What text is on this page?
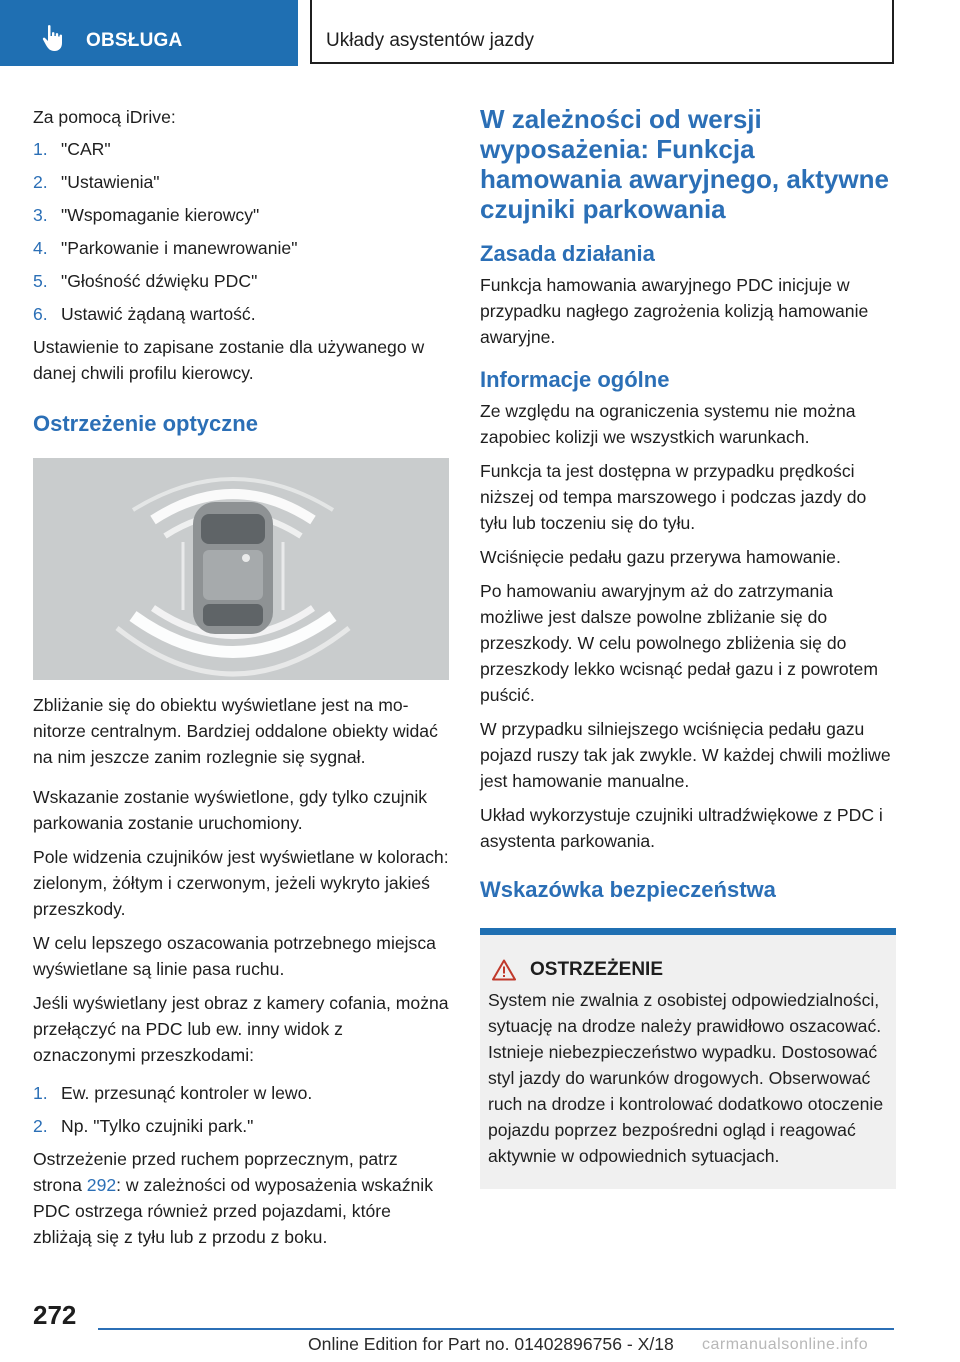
OBSŁUGA	Układy asystentów jazdy

Za pomocą iDrive:

1. "CAR"
2. "Ustawienia"
3. "Wspomaganie kierowcy"
4. "Parkowanie i manewrowanie"
5. "Głośność dźwięku PDC"
6. Ustawić żądaną wartość.

Ustawienie to zapisane zostanie dla używanego w danej chwili profilu kierowcy.

Ostrzeżenie optyczne

Zbliżanie się do obiektu wyświetlane jest na monitorze centralnym. Bardziej oddalone obiekty widać na nim jeszcze zanim rozlegnie się sygnał.

Wskazanie zostanie wyświetlone, gdy tylko czujnik parkowania zostanie uruchomiony.

Pole widzenia czujników jest wyświetlane w kolorach: zielonym, żółtym i czerwonym, jeżeli wykryto jakieś przeszkody.

W celu lepszego oszacowania potrzebnego miejsca wyświetlane są linie pasa ruchu.

Jeśli wyświetlany jest obraz z kamery cofania, można przełączyć na PDC lub ew. inny widok z oznaczonymi przeszkodami:

1. Ew. przesunąć kontroler w lewo.
2. Np. "Tylko czujniki park."

Ostrzeżenie przed ruchem poprzecznym, patrz strona 292: w zależności od wyposażenia wskaźnik PDC ostrzega również przed pojazdami, które zbliżają się z tyłu lub z przodu z boku.

W zależności od wersji wyposażenia: Funkcja hamowania awaryjnego, aktywne czujniki parkowania
Zasada działania

Funkcja hamowania awaryjnego PDC inicjuje w przypadku nagłego zagrożenia kolizją hamowanie awaryjne.

Informacje ogólne

Ze względu na ograniczenia systemu nie można zapobiec kolizji we wszystkich warunkach.

Funkcja ta jest dostępna w przypadku prędkości niższej od tempa marszowego i podczas jazdy do tyłu lub toczeniu się do tyłu.

Wciśnięcie pedału gazu przerywa hamowanie.

Po hamowaniu awaryjnym aż do zatrzymania możliwe jest dalsze powolne zbliżanie się do przeszkody. W celu powolnego zbliżenia się do przeszkody lekko wcisnąć pedał gazu i z powrotem puścić.

W przypadku silniejszego wciśnięcia pedału gazu pojazd ruszy tak jak zwykle. W każdej chwili możliwe jest hamowanie manualne.

Układ wykorzystuje czujniki ultradźwiękowe z PDC i asystenta parkowania.

Wskazówka bezpieczeństwa
OSTRZEŻENIE

System nie zwalnia z osobistej odpowiedzialności, sytuację na drodze należy prawidłowo oszacować. Istnieje niebezpieczeństwo wypadku. Dostosować styl jazdy do warunków drogowych. Obserwować ruch na drodze i kontrolować dodatkowo otoczenie pojazdu poprzez bezpośredni ogląd i reagować aktywnie w odpowiednich sytuacjach.

272
Online Edition for Part no. 01402896756 - X/18 carmanualsonline.info
